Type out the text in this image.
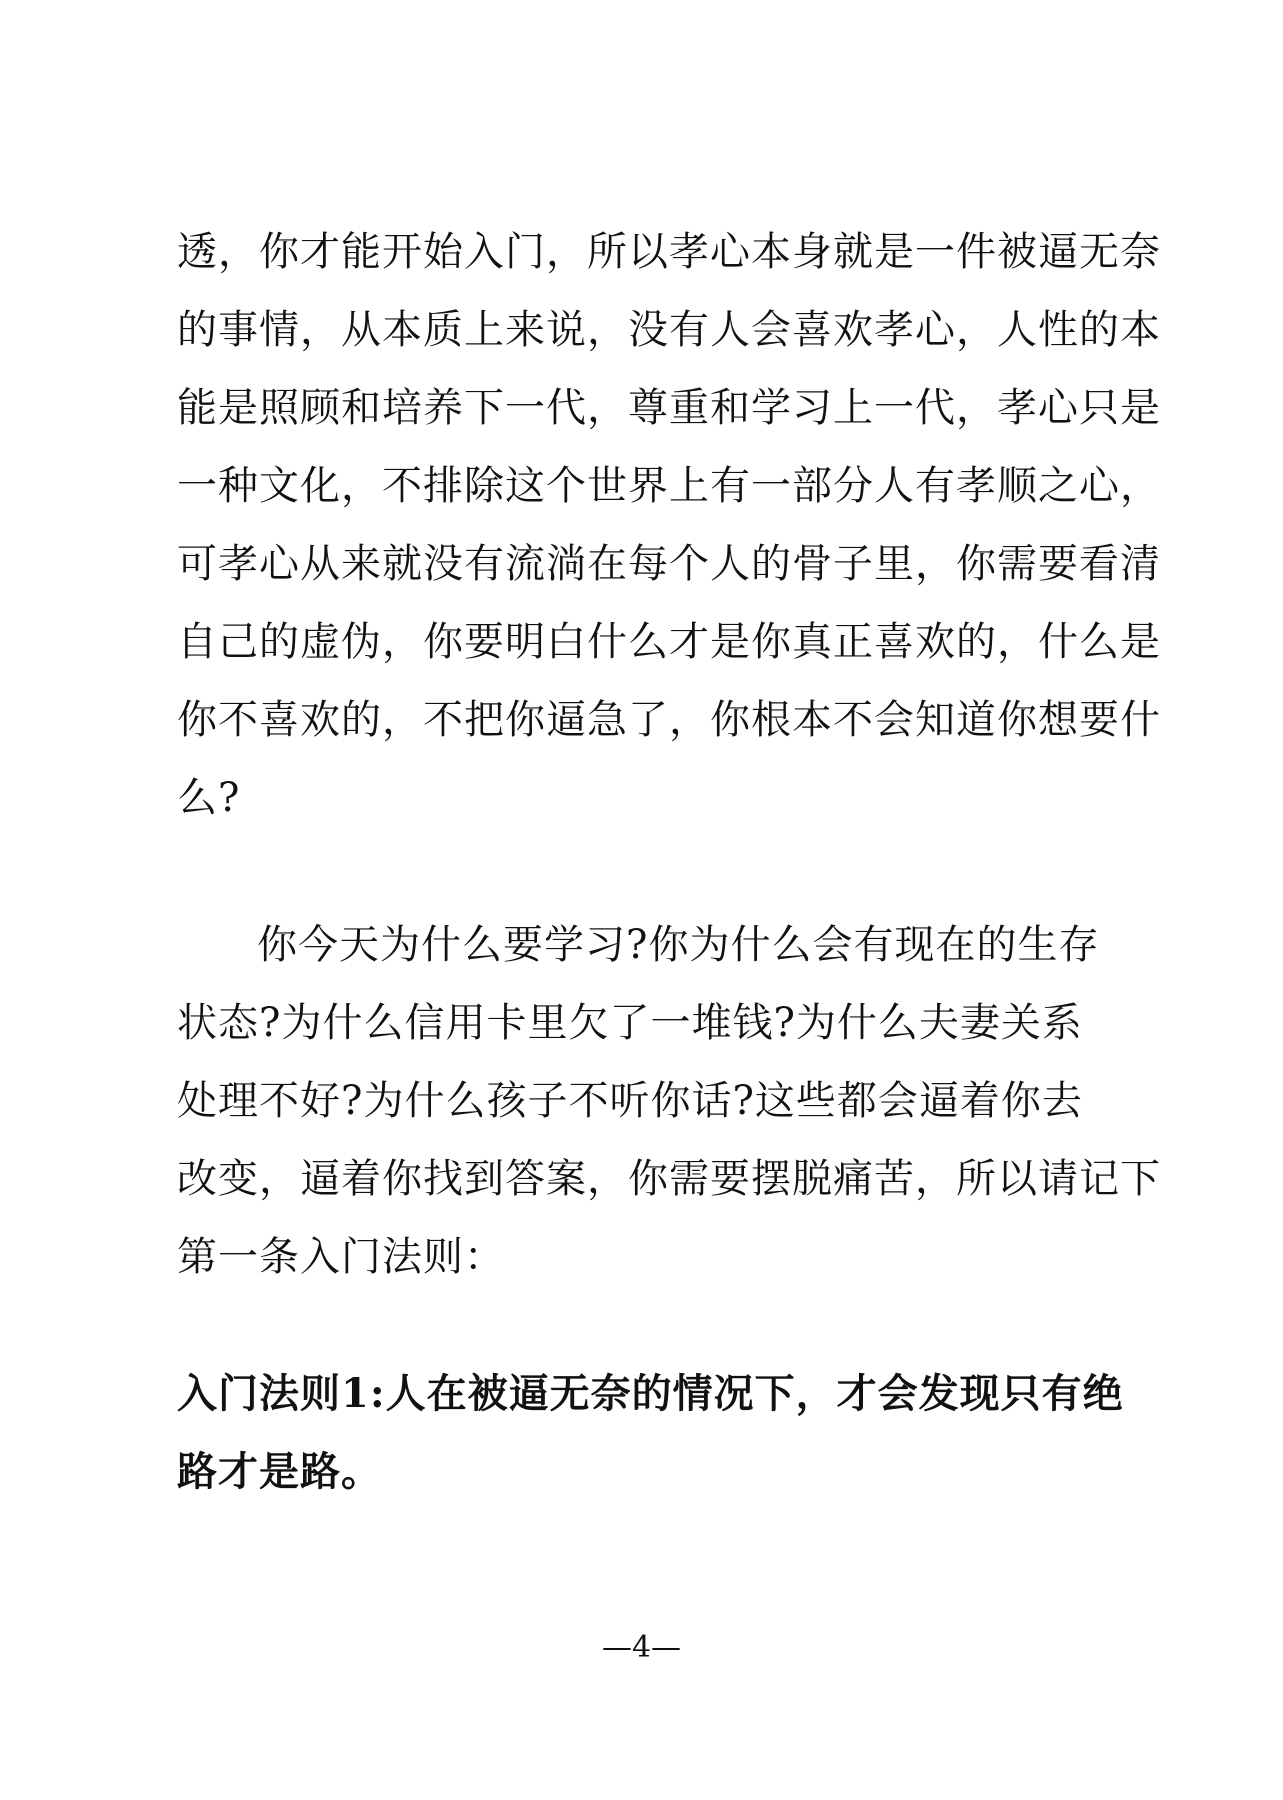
透，你才能开始入门，所以孝心本身就是一件被逼无奈
的事情，从本质上来说，没有人会喜欢孝心，人性的本
能是照顾和培养下一代，尊重和学习上一代，孝心只是
一种文化，不排除这个世界上有一部分人有孝顺之心，
可孝心从来就没有流淌在每个人的骨子里，你需要看清
自己的虚伪，你要明白什么才是你真正喜欢的，什么是
你不喜欢的，不把你逼急了，你根本不会知道你想要什
么?
你今天为什么要学习?你为什么会有现在的生存
状态?为什么信用卡里欠了一堆钱?为什么夫妻关系
处理不好?为什么孩子不听你话?这些都会逼着你去
改变，逼着你找到答案，你需要摆脱痛苦，所以请记下
第一条入门法则：
入门法则1:人在被逼无奈的情况下，才会发现只有绝
路才是路。
—4—
